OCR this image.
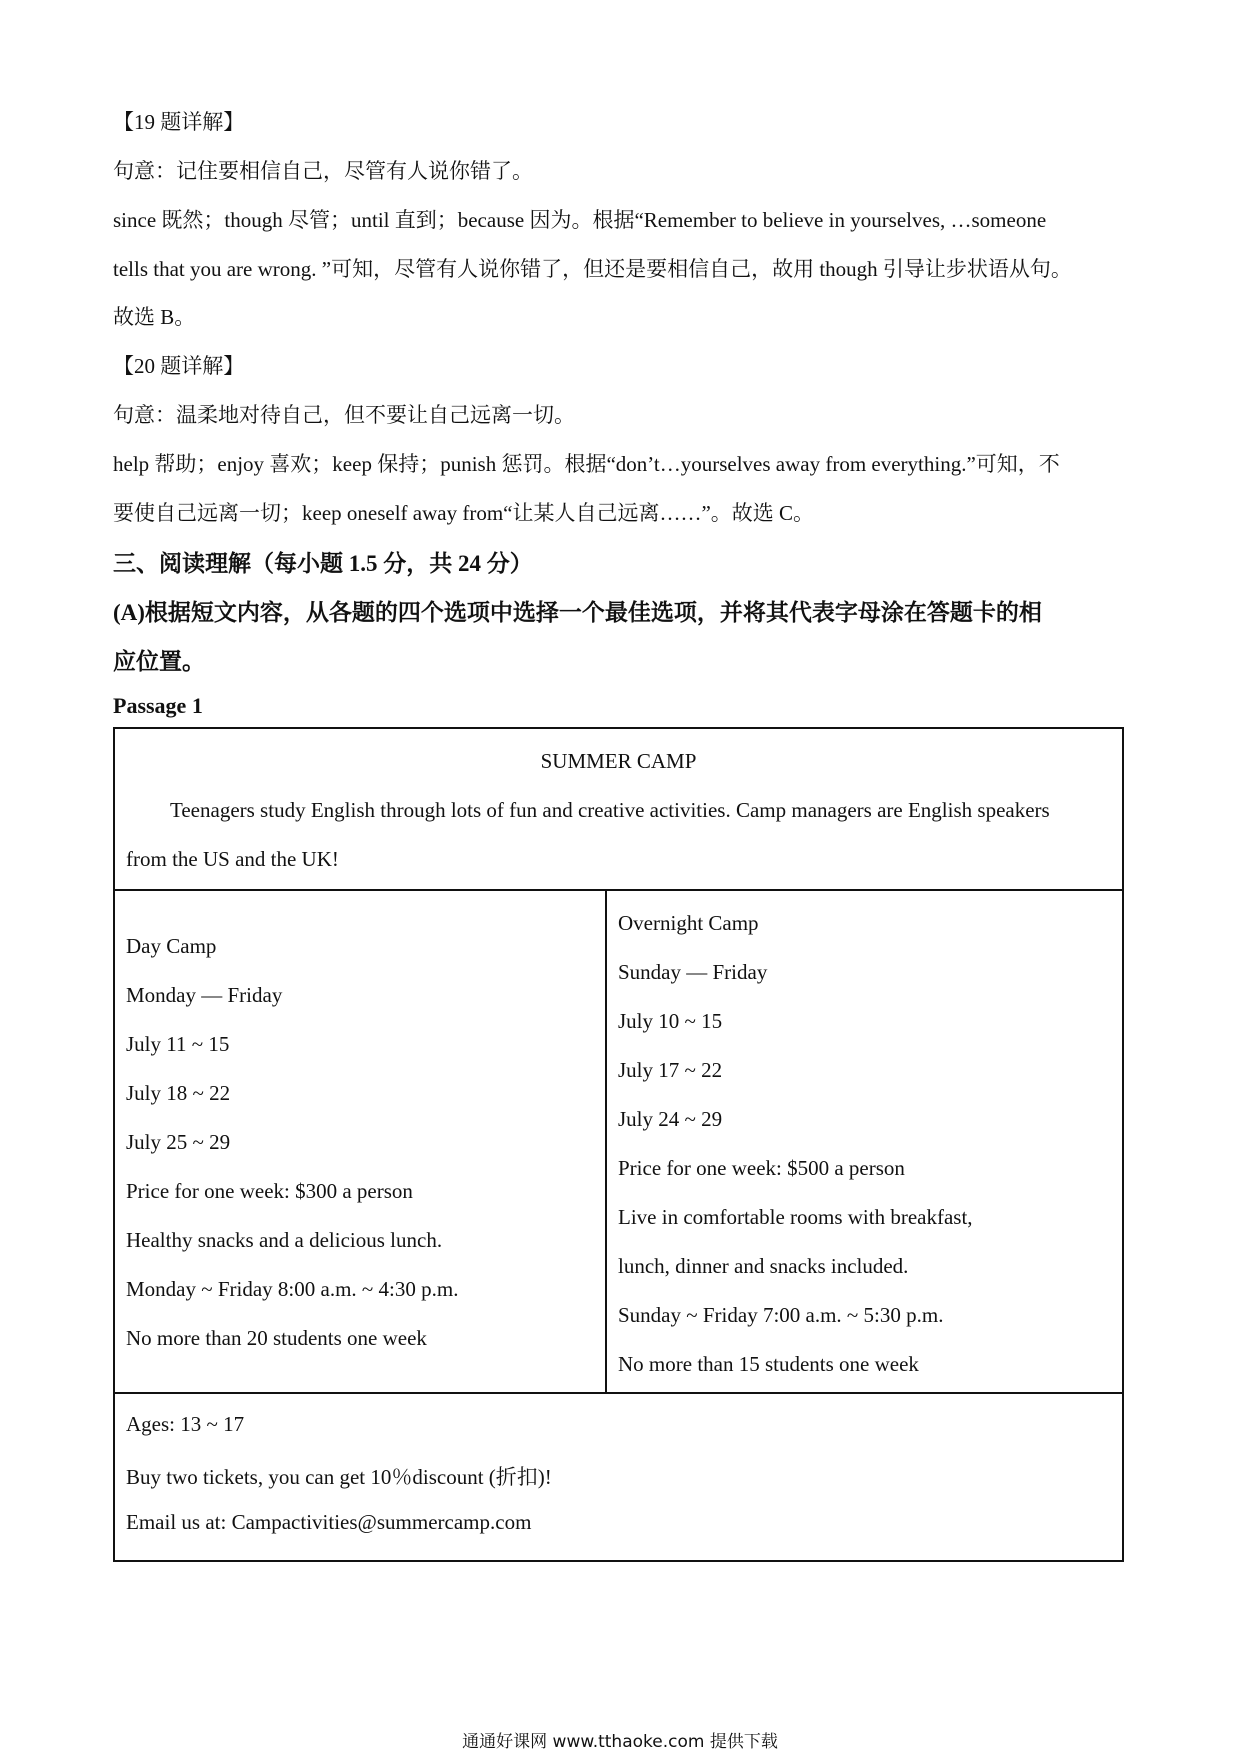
【19 题详解】
句意：记住要相信自己，尽管有人说你错了。
since 既然；though 尽管；until 直到；because 因为。根据“Remember to believe in yourselves, …someone
tells that you are wrong. ”可知，尽管有人说你错了，但还是要相信自己，故用 though 引导让步状语从句。
故选 B。
【20 题详解】
句意：温柔地对待自己，但不要让自己远离一切。
help 帮助；enjoy 喜欢；keep 保持；punish 惩罚。根据“don’t…yourselves away from everything.”可知，不
要使自己远离一切；keep oneself away from“让某人自己远离……”。故选 C。
三、阅读理解（每小题 1.5 分，共 24 分）
(A)根据短文内容，从各题的四个选项中选择一个最佳选项，并将其代表字母涂在答题卡的相
应位置。
Passage 1
SUMMER CAMP
Teenagers study English through lots of fun and creative activities. Camp managers are English speakers
from the US and the UK!
Day Camp
Monday — Friday
July 11 ~ 15
July 18 ~ 22
July 25 ~ 29
Price for one week: $300 a person
Healthy snacks and a delicious lunch.
Monday ~ Friday 8:00 a.m. ~ 4:30 p.m.
No more than 20 students one week
Overnight Camp
Sunday — Friday
July 10 ~ 15
July 17 ~ 22
July 24 ~ 29
Price for one week: $500 a person
Live in comfortable rooms with breakfast,
lunch, dinner and snacks included.
Sunday ~ Friday 7:00 a.m. ~ 5:30 p.m.
No more than 15 students one week
Ages: 13 ~ 17
Buy two tickets, you can get 10％discount (折扣)!
Email us at: Campactivities@summercamp.com
通通好课网 www.tthaoke.com 提供下载
